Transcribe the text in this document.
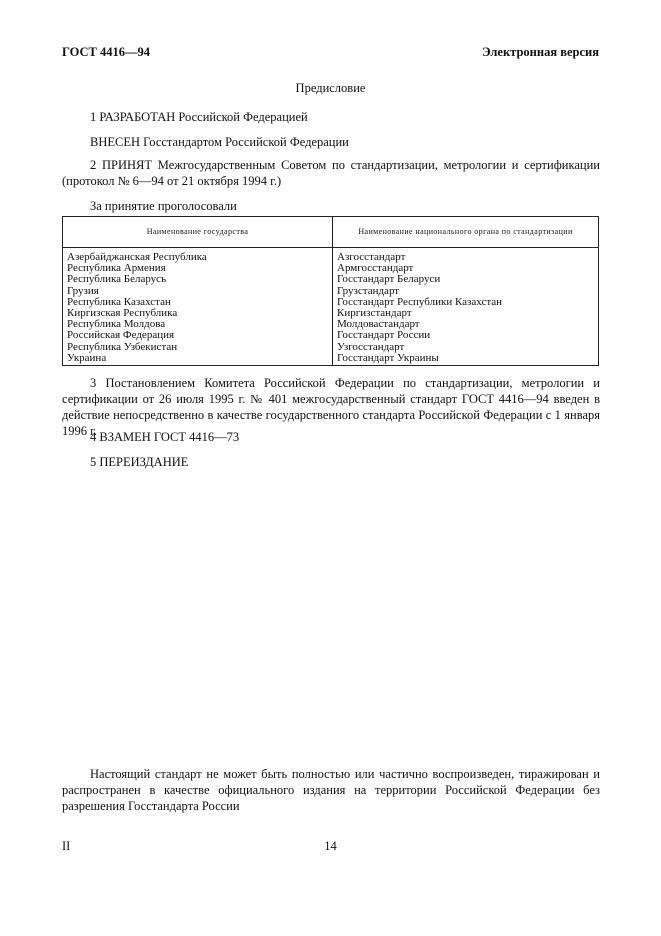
ГОСТ 4416—94	Электронная версия
Предисловие
1 РАЗРАБОТАН Российской Федерацией
ВНЕСЕН Госстандартом Российской Федерации
2 ПРИНЯТ Межгосударственным Советом по стандартизации, метрологии и сертификации (протокол № 6—94 от 21 октября 1994 г.)
За принятие проголосовали
Наименование государства	Наименование национального органа по стандартизации
Азербайджанская Республика	Азгосстандарт
Республика Армения	Армгосстандарт
Республика Беларусь	Госстандарт Беларуси
Грузия	Грузстандарт
Республика Казахстан	Госстандарт Республики Казахстан
Киргизская Республика	Киргизстандарт
Республика Молдова	Молдовастандарт
Российская Федерация	Госстандарт России
Республика Узбекистан	Узгосстандарт
Украина	Госстандарт Украины
3 Постановлением Комитета Российской Федерации по стандартизации, метрологии и сертификации от 26 июля 1995 г. № 401 межгосударственный стандарт ГОСТ 4416—94 введен в действие непосредственно в качестве государственного стандарта Российской Федерации с 1 января 1996 г.
4 ВЗАМЕН ГОСТ 4416—73
5 ПЕРЕИЗДАНИЕ
Настоящий стандарт не может быть полностью или частично воспроизведен, тиражирован и распространен в качестве официального издания на территории Российской Федерации без разрешения Госстандарта России
II	14
